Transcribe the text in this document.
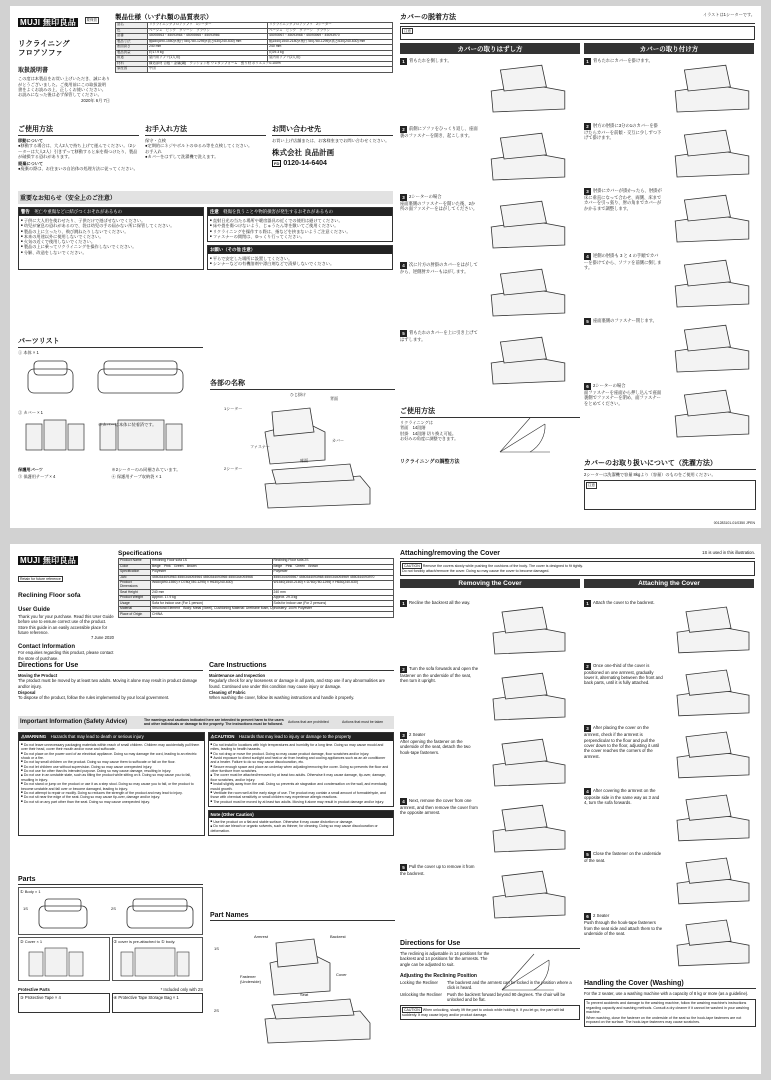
MUJI 無印良品	要保管
リクライニング
フロアソファ
取扱説明書
この度は本製品をお買い上げいただき、誠にありがとうございました。ご使用前にこの取扱説明書をよくお読みの上、正しくお使いください。お読みになった後は必ず保管してください。
2020年 6月 7日
製品仕様（いずれ類の品質表示）
品名	リクライニングフロアソファ　1シーター	リクライニングフロアソファ　2シーター
色	ベージュ　ピンク　グリーン　ブラウン	ベージュ　ピンク　グリーン　ブラウン
品番	45093963・45093964・45093965・45093966	45093967・45093968・45093969・45093970
製品寸法	幅680(890-1550)×奥行780(780-1295)×高さ630(240-630) mm	幅1540(1540-2180)×奥行780(780-1295)×高さ630(240-630) mm
座面高さ	240 mm	240 mm
製品質量	約17.9 kg	約29.3 kg
用途	屋内用ソファ(1人用)	屋内用ソファ(2人用)
材料	構造部材 合板・金属(鋼)　クッション材 ウレタンフォーム　張り材 ポリエステル100%	
原産国	中国	
ご使用方法
移動について
●移動する場合は、大人2人で持ち上げて運んでください。（2シーターは大人2人）引きずって移動すると床を傷つけたり、製品が破損する恐れがあります。
廃棄について
●廃棄の際は、お住まいの自治体の処理方法に従ってください。
お手入れ方法
保守・点検
●定期的にネジやボルトのゆるみ等を点検してください。
お手入れ
●カバーをはずして洗濯機で洗えます。
お問い合わせ先
お買い上げ店舗または、お客様室までお問い合わせください。
株式会社 良品計画
FD 0120-14-6404
重要なお知らせ（安全上のご注意）
警告　 死亡や重傷などに結びつくおそれがあるもの
■ 子供に大人用を使わせたり、子供だけで遊ばせないでください。
■ 幼児が窒息の恐れがあるので、袋は幼児の手の届かない所に保管してください。
■ 製品の上に立ったり、飛び跳ねたりしないでください。
■ 本来の用途以外に使用しないでください。
■ 火気の近くで使用しないでください。
■ 製品の上に乗ってリクライニングを操作しないでください。
■ 分解、改造をしないでください。
注意　 軽傷を負うことや物的損害が発生するおそれがあるもの
■ 直射日光の当たる場所や暖房器具の近くでの使用は避けてください。
■ 床や畳を傷つけないよう、じゅうたん等を敷いてご使用ください。
■ リクライニングを操作する際は、指などを挟まないようご注意ください。
■ ファスナーの開閉は、ゆっくり行ってください。
お願い（その他 注意）
■ 平らで安定した場所に設置してください。
■ シンナーなどの有機溶剤や漂白剤などで清掃しないでください。
パーツリスト
① 本体 × 1
② カバー × 1
※カバーは本体に装着済です。
保護用パーツ	※2シーターのみ同梱されています。
③ 保護用テープ × 4	④ 保護用テープ収納袋 × 1
各部の名称
1シーター
2シーター
背面
ひじ掛け
ファスナー
座面
カバー
カバーの脱着方法	イラストは1シーターです。
注意
カバーの取りはずし方	カバーの取り付け方
1 背もたれを倒します。
2 前側にソファをひっくり返し、座面裏のファスナーを開き、起こします。
3 2シーターの場合
座面裏側のファスナーを開いた後、2か所の面ファスナーをはがしてください。
4 次に片方の肘掛のカバーをはがしてから、逆側肘カバーもはがします。
5 背もたれのカバーを上に引き上げてはずします。
1 背もたれにカバーを掛けます。
2 肘方の肘掛に3分の1のカバーを掛けたらカバーを前傾・交互に少しずつ下げて掛けます。
3 肘掛にカバーが掛かったら、肘掛が床に垂直になって合わせ、両側、床までカバーを引っ張り、肘の角までカバーがかかるまで調整します。
4 逆側の肘掛も 3 と 4 の手順でカバーを掛けてから、ソファを前側に倒します。
5 座面裏側のファスナー閉じます。
6 2シーターの場合
面ファスナーを座面から押し込んで座面裏側でファスナーを閉め、面ファスナーをとめてください。
ご使用方法
リクライニングは
背面　14段階
肘掛　14段階 切り換え可能。
お好みの角度に調整できます。
リクライニングの調整方法	カバーのお取り扱いについて（洗濯方法）
2シーターは洗濯機で容量 8kgより（容量）のものをご使用ください。
注意
001283101-01/0350 JPEN
MUJI 無印良品
Retain for future reference
Reclining Floor sofa
User Guide
Thank you for your purchase. Read this User Guide before use to ensure correct use of the product. Store this guide in an easily accessible place for future reference.
7 June 2020
Contact Information
For enquiries regarding this product, please contact the store of purchase.
Specifications
Product Name	Reclining Floor sofa 1S	Reclining Floor sofa 2S
Color	Beige　Pink　Green　Brown	Beige　Pink　Green　Brown
Specification	Polyester	Polyester
JAN	4550344093963 4550344093964 4550344093965 4550344093966	4550344093967 4550344093968 4550344093969 4550344093970
Product Dimensions	W680(890-1550) × D780(780-1295) × H630(240-630)	W1540(1540-2180) × D780(780-1295) × H630(240-630)
Seat Height	240 mm	240 mm
Product Weight	Approx. 17.9 kg	Approx. 29.3 kg
Usage	Sofa for indoor use (For 1 person)	Sofa for indoor use (For 2 persons)
Material	Structural Element　Body: Metal (Steel), Cushioning Material: Urethane foam, Upholstery: 100% Polyester	
Place of Origin	CHINA	
Directions for Use
Moving the Product
The product must be moved by at least two adults. Moving it alone may result in product damage and/or injury.
Disposal
To dispose of the product, follow the rules implemented by your local government.
Care Instructions
Maintenance and Inspection
Regularly check for any looseness or damage in all parts, and stop use if any abnormalities are found. Continued use under this condition may cause injury or damage.
Cleaning of Fabric
When washing the cover, follow its washing instructions and handle it properly.
Important Information (Safety Advice)	The warnings and cautions indicated here are intended to prevent harm to the users and other individuals or damage to the property. The instructions must be followed.
Actions that are prohibited	Actions that must be taken
⚠WARNING　 Hazards that may lead to death or serious injury
■ Do not leave unnecessary packaging materials within reach of small children. Children may accidentally pull them over their head, cover their mouth and/or nose and suffocate.
■ Do not place on the power cord of an electrical appliance. Doing so may damage the cord, leading to an electric shock or a fire.
■ Do not lay small children on the product. Doing so may cause them to suffocate or fall on the floor.
■ Do not let children use without supervision. Doing so may cause unexpected injury.
■ Do not use for other than its intended purpose. Doing so may cause damage, resulting in injury.
■ Do not use in an unstable state, such as tilting the product while sitting on it. Doing so may cause you to fall, resulting in injury.
■ Do not stand or jump on the product or use it as a step stool. Doing so may cause you to fall, or the product to become unstable and fall over or become damaged, leading to injury.
■ Do not attempt to repair or modify. Doing so reduces the strength of the product and may lead to injury.
■ Do not sit near the edge of the seat. Doing so may cause tip-over, damage and/or injury.
■ Do not sit on any part other than the seat. Doing so may cause unexpected injury.
⚠CAUTION　 Hazards that may lead to injury or damage to the property
■ Do not install in locations with high temperatures and humidity for a long time. Doing so may cause mould and mites, leading to health hazards.
■ Do not drag or move the product. Doing so may cause product damage, floor scratches and/or injury.
■ Avoid exposure to direct sunlight and heat or air from heating and cooling appliances such as an air conditioner and a heater. Failure to do so may cause discolouration, etc.
■ Secure enough space and place an underlay when adjusting/removing the cover. Doing so prevents the floor and other furniture from scratches.
■ The cover must be attached/removed by at least two adults. Otherwise it may cause damage, tip-over, damage, floor scratches, and/or injury.
■ Install slightly away from the wall. Doing so prevents air stagnation and condensation on the wall, and eventually mould growth.
■ Ventilate the room well at the early stage of use. The product may contain a small amount of formaldehyde, and those with chemical sensitivity or small children may experience allergic reactions.
■ The product must be moved by at least two adults. Moving it alone may result in product damage and/or injury.
Note (Other Caution)
■ Use the product on a flat and stable surface. Otherwise it may cause distortion or damage.
■ Do not use bleach or organic solvents, such as thinner, for cleaning. Doing so may cause discolouration or deformation.
Parts
① Body × 1
1S	2S
② Cover × 1	② cover is pre-attached to ① body.
Protective Parts	* Included only with 2S
③ Protective Tape × 4	④ Protective Tape Storage Bag × 1
Part Names
1S
2S
Armrest	Backrest
Fastener (Underside)
Seat
Cover
Attaching/removing the Cover	1S is used in this illustration.
CAUTION Remove the covers slowly while pushing the cushions of the body. The cover is designed to fit tightly.
Do not forcibly attach/remove the cover. Doing so may cause the cover to become damaged.
Removing the Cover	Attaching the Cover
1 Recline the backrest all the way.
2 Turn the sofa forwards and open the fastener on the underside of the seat, then turn it upright.
3 2 Seater
After opening the fastener on the underside of the seat, detach the two hook-tape fasteners.
4 Next, remove the cover from one armrest, and then remove the cover from the opposite armrest.
5 Pull the cover up to remove it from the backrest.
1 Attach the cover to the backrest.
2 Once one-third of the cover is positioned on one armrest, gradually lower it, alternating between the front and back parts, until it is fully attached.
3 After placing the cover on the armrest, check if the armrest is perpendicular to the floor and pull the cover down to the floor, adjusting it until the cover reaches the corners of the armrest.
4 After covering the armrest on the opposite side in the same way as 3 and 4, turn the sofa forwards.
5 Close the fastener on the underside of the seat.
6 2 Seater
Push through the hook-tape fasteners from the seat side and attach them to the underside of the seat.
Directions for Use
The reclining is adjustable in 14 positions for the backrest and 14 positions for the armrests. The angle can be adjusted to suit.
Adjusting the Reclining Position
Locking the Recliner	The backrest and the armrest can be locked in the position where a click is heard.
Unlocking the Recliner	Push the backrest forward beyond 90 degrees. The chair will be unlocked and be flat.
CAUTION When unlocking, slowly lift the part to unlock while holding it. If you let go, the part will fall suddenly. It may cause injury and/or product damage.
Handling the Cover (Washing)
For the 2 seater, use a washing machine with a capacity of 8 kg or more (as a guideline).
To prevent accidents and damage to the washing machine, follow the washing machine's instructions regarding capacity and washing methods. Consult a dry cleaner if it cannot be washed in your washing machine.
When washing, close the fastener on the underside of the seat so the hook-tape fasteners are not exposed on the surface. The hook-tape fasteners may cause scratches.
